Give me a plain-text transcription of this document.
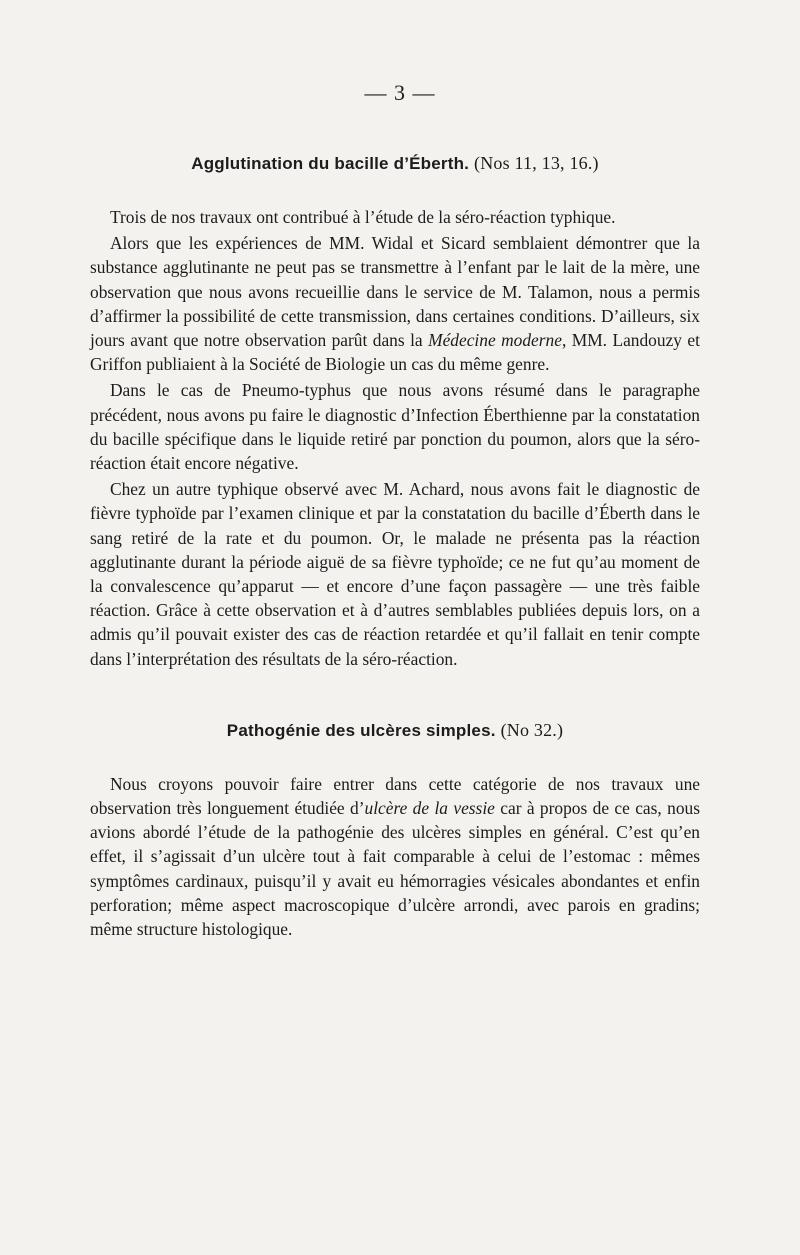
— 3 —
Agglutination du bacille d’Éberth. (Nos 11, 13, 16.)

Trois de nos travaux ont contribué à l’étude de la séro-réaction typhique.

Alors que les expériences de MM. Widal et Sicard semblaient démontrer que la substance agglutinante ne peut pas se transmettre à l’enfant par le lait de la mère, une observation que nous avons recueillie dans le service de M. Talamon, nous a permis d’affirmer la possibilité de cette transmission, dans certaines conditions. D’ailleurs, six jours avant que notre observation parût dans la Médecine moderne, MM. Landouzy et Griffon publiaient à la Société de Biologie un cas du même genre.

Dans le cas de Pneumo-typhus que nous avons résumé dans le paragraphe précédent, nous avons pu faire le diagnostic d’Infection Éberthienne par la constatation du bacille spécifique dans le liquide retiré par ponction du poumon, alors que la séro-réaction était encore négative.

Chez un autre typhique observé avec M. Achard, nous avons fait le diagnostic de fièvre typhoïde par l’examen clinique et par la constatation du bacille d’Éberth dans le sang retiré de la rate et du poumon. Or, le malade ne présenta pas la réaction agglutinante durant la période aiguë de sa fièvre typhoïde; ce ne fut qu’au moment de la convalescence qu’apparut — et encore d’une façon passagère — une très faible réaction. Grâce à cette observation et à d’autres semblables publiées depuis lors, on a admis qu’il pouvait exister des cas de réaction retardée et qu’il fallait en tenir compte dans l’interprétation des résultats de la séro-réaction.

Pathogénie des ulcères simples. (No 32.)

Nous croyons pouvoir faire entrer dans cette catégorie de nos travaux une observation très longuement étudiée d’ulcère de la vessie car à propos de ce cas, nous avions abordé l’étude de la pathogénie des ulcères simples en général. C’est qu’en effet, il s’agissait d’un ulcère tout à fait comparable à celui de l’estomac : mêmes symptômes cardinaux, puisqu’il y avait eu hémorragies vésicales abondantes et enfin perforation; même aspect macroscopique d’ulcère arrondi, avec parois en gradins; même structure histologique.
